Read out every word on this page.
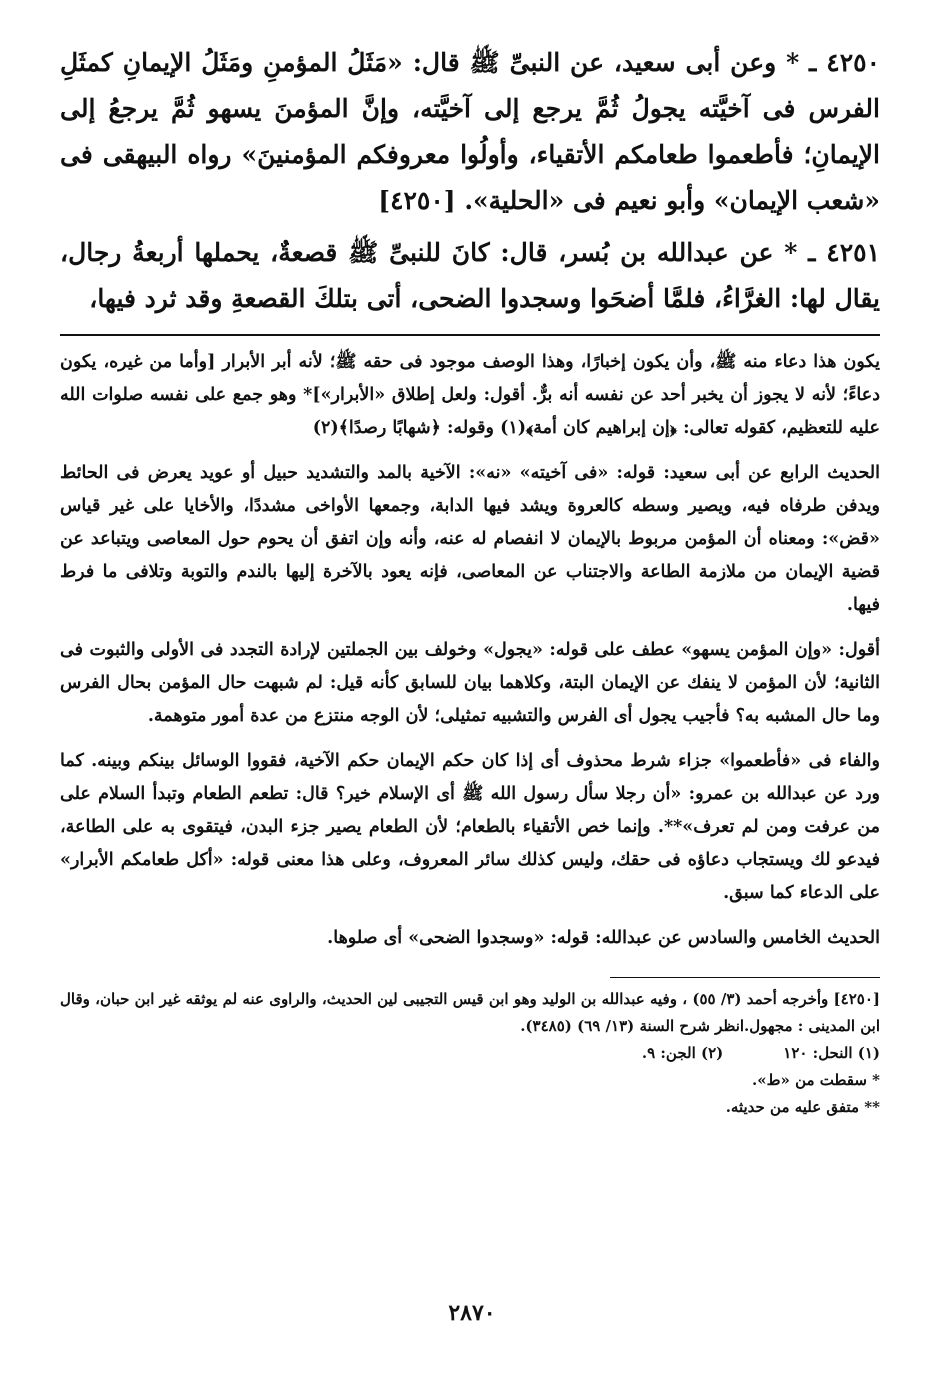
٤٢٥٠ ـ * وعن أبى سعيد، عن النبىِّ ﷺ قال: «مَثَلُ المؤمنِ ومَثَلُ الإيمانِ كمثَلِ الفرس فى آخيَّته يجولُ ثُمَّ يرجع إلى آخيَّته، وإنَّ المؤمنَ يسهو ثُمَّ يرجعُ إلى الإيمانِ؛ فأطعموا طعامكم الأتقياء، وأولُوا معروفكم المؤمنينَ» رواه البيهقى فى «شعب الإيمان» وأبو نعيم فى «الحلية». [٤٢٥٠]

٤٢٥١ ـ * عن عبدالله بن بُسر، قال: كانَ للنبىِّ ﷺ قصعةٌ، يحملها أربعةُ رجال، يقال لها: الغرَّاءُ، فلمَّا أضحَوا وسجدوا الضحى، أتى بتلكَ القصعةِ وقد ثرد فيها،

يكون هذا دعاء منه ﷺ، وأن يكون إخبارًا، وهذا الوصف موجود فى حقه ﷺ؛ لأنه أبر الأبرار [وأما من غيره، يكون دعاءً؛ لأنه لا يجوز أن يخبر أحد عن نفسه أنه برٌّ. أقول: ولعل إطلاق «الأبرار»]* وهو جمع على نفسه صلوات الله عليه للتعظيم، كقوله تعالى: ﴿إن إبراهيم كان أمة﴾(١) وقوله: ﴿شهابًا رصدًا﴾(٢)

الحديث الرابع عن أبى سعيد: قوله: «فى آخيته» «نه»: الآخية بالمد والتشديد حبيل أو عويد يعرض فى الحائط ويدفن طرفاه فيه، ويصير وسطه كالعروة ويشد فيها الدابة، وجمعها الأواخى مشددًا، والأخايا على غير قياس «قض»: ومعناه أن المؤمن مربوط بالإيمان لا انفصام له عنه، وأنه وإن اتفق أن يحوم حول المعاصى ويتباعد عن قضية الإيمان من ملازمة الطاعة والاجتناب عن المعاصى، فإنه يعود بالآخرة إليها بالندم والتوبة وتلافى ما فرط فيها.

أقول: «وإن المؤمن يسهو» عطف على قوله: «يجول» وخولف بين الجملتين لإرادة التجدد فى الأولى والثبوت فى الثانية؛ لأن المؤمن لا ينفك عن الإيمان البتة، وكلاهما بيان للسابق كأنه قيل: لم شبهت حال المؤمن بحال الفرس وما حال المشبه به؟ فأجيب يجول أى الفرس والتشبيه تمثيلى؛ لأن الوجه منتزع من عدة أمور متوهمة.

والفاء فى «فأطعموا» جزاء شرط محذوف أى إذا كان حكم الإيمان حكم الآخية، فقووا الوسائل بينكم وبينه. كما ورد عن عبدالله بن عمرو: «أن رجلا سأل رسول الله ﷺ أى الإسلام خير؟ قال: تطعم الطعام وتبدأ السلام على من عرفت ومن لم تعرف»**. وإنما خص الأتقياء بالطعام؛ لأن الطعام يصير جزء البدن، فيتقوى به على الطاعة، فيدعو لك ويستجاب دعاؤه فى حقك، وليس كذلك سائر المعروف، وعلى هذا معنى قوله: «أكل طعامكم الأبرار» على الدعاء كما سبق.

الحديث الخامس والسادس عن عبدالله: قوله: «وسجدوا الضحى» أى صلوها.

[٤٢٥٠] وأخرجه أحمد (٣/ ٥٥) ، وفيه عبدالله بن الوليد وهو ابن قيس التجيبى لين الحديث، والراوى عنه لم يوثقه غير ابن حبان، وقال ابن المدينى : مجهول.انظر شرح السنة (١٣/ ٦٩) (٣٤٨٥).

(١) النحل: ١٢٠
(٢) الجن: ٩.

* سقطت من «ط».

** متفق عليه من حديثه.

٢٨٧٠
